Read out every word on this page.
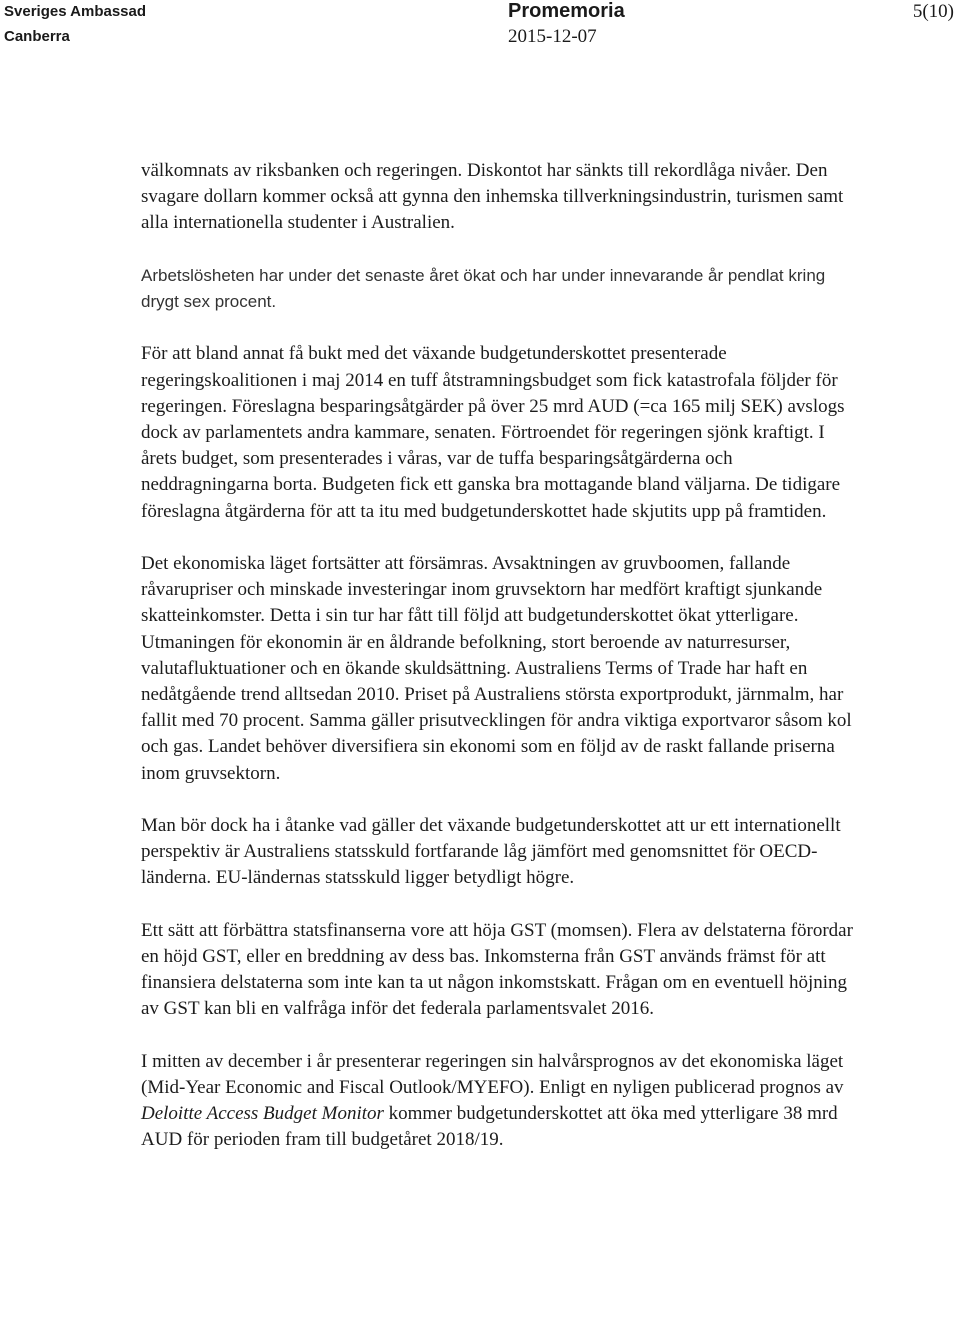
Sveriges Ambassad
Canberra
Promemoria
2015-12-07
5(10)

välkomnats av riksbanken och regeringen. Diskontot har sänkts till rekordlåga nivåer. Den svagare dollarn kommer också att gynna den inhemska tillverkningsindustrin, turismen samt alla internationella studenter i Australien.

Arbetslösheten har under det senaste året ökat och har under innevarande år pendlat kring drygt sex procent.

För att bland annat få bukt med det växande budgetunderskottet presenterade regeringskoalitionen i maj 2014 en tuff åtstramningsbudget som fick katastrofala följder för regeringen. Föreslagna besparingsåtgärder på över 25 mrd AUD (=ca 165 milj SEK) avslogs dock av parlamentets andra kammare, senaten. Förtroendet för regeringen sjönk kraftigt. I årets budget, som presenterades i våras, var de tuffa besparingsåtgärderna och neddragningarna borta. Budgeten fick ett ganska bra mottagande bland väljarna. De tidigare föreslagna åtgärderna för att ta itu med budgetunderskottet hade skjutits upp på framtiden.

Det ekonomiska läget fortsätter att försämras. Avsaktningen av gruvboomen, fallande råvarupriser och minskade investeringar inom gruvsektorn har medfört kraftigt sjunkande skatteinkomster. Detta i sin tur har fått till följd att budgetunderskottet ökat ytterligare. Utmaningen för ekonomin är en åldrande befolkning, stort beroende av naturresurser, valutafluktuationer och en ökande skuldsättning. Australiens Terms of Trade har haft en nedåtgående trend alltsedan 2010. Priset på Australiens största exportprodukt, järnmalm, har fallit med 70 procent. Samma gäller prisutvecklingen för andra viktiga exportvaror såsom kol och gas. Landet behöver diversifiera sin ekonomi som en följd av de raskt fallande priserna inom gruvsektorn.

Man bör dock ha i åtanke vad gäller det växande budgetunderskottet att ur ett internationellt perspektiv är Australiens statsskuld fortfarande låg jämfört med genomsnittet för OECD-länderna. EU-ländernas statsskuld ligger betydligt högre.

Ett sätt att förbättra statsfinanserna vore att höja GST (momsen). Flera av delstaterna förordar en höjd GST, eller en breddning av dess bas. Inkomsterna från GST används främst för att finansiera delstaterna som inte kan ta ut någon inkomstskatt. Frågan om en eventuell höjning av GST kan bli en valfråga inför det federala parlamentsvalet 2016.

I mitten av december i år presenterar regeringen sin halvårsprognos av det ekonomiska läget (Mid-Year Economic and Fiscal Outlook/MYEFO). Enligt en nyligen publicerad prognos av Deloitte Access Budget Monitor kommer budgetunderskottet att öka med ytterligare 38 mrd AUD för perioden fram till budgetåret 2018/19.
